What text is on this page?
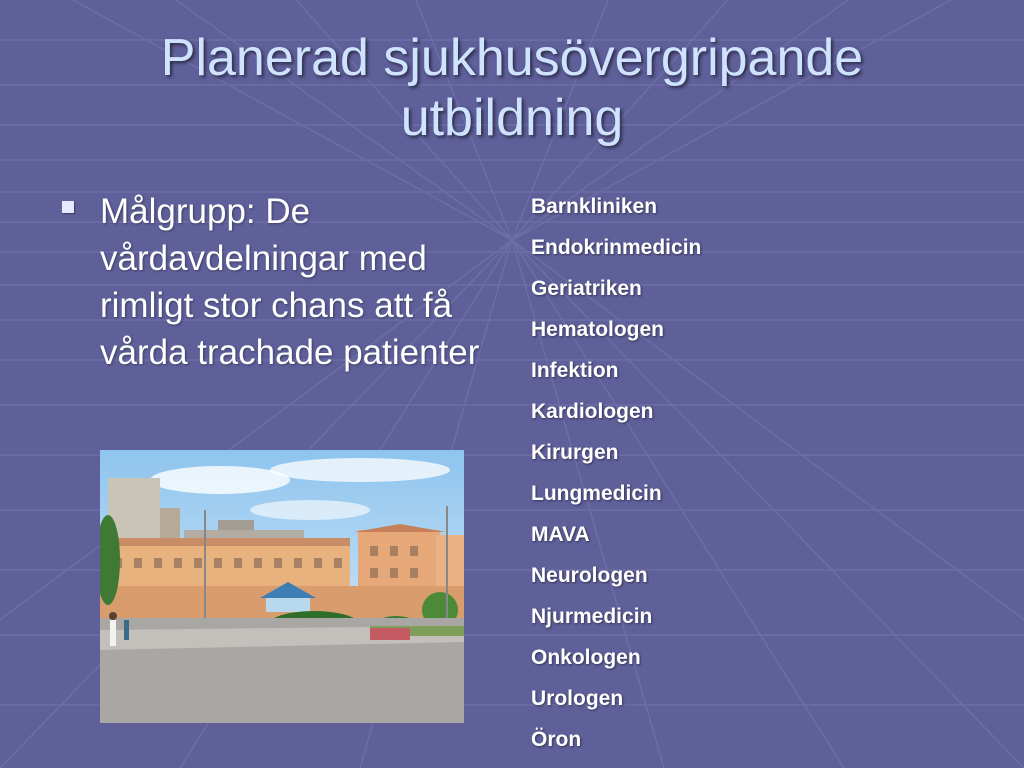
Planerad sjukhusövergripande
utbildning
Målgrupp: De vårdavdelningar med rimligt stor chans att få vårda trachade patienter
Barnkliniken
Endokrinmedicin
Geriatriken
Hematologen
Infektion
Kardiologen
Kirurgen
Lungmedicin
MAVA
Neurologen
Njurmedicin
Onkologen
Urologen
Öron
